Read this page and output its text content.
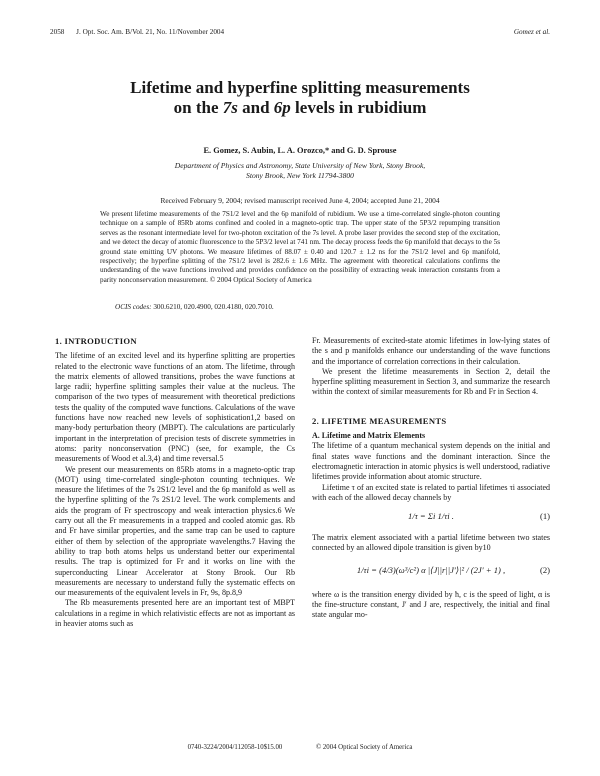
2058 J. Opt. Soc. Am. B/Vol. 21, No. 11/November 2004	Gomez et al.
Lifetime and hyperfine splitting measurements
on the 7s and 6p levels in rubidium
E. Gomez, S. Aubin, L. A. Orozco,* and G. D. Sprouse
Department of Physics and Astronomy, State University of New York, Stony Brook,
Stony Brook, New York 11794-3800
Received February 9, 2004; revised manuscript received June 4, 2004; accepted June 21, 2004
We present lifetime measurements of the 7S1/2 level and the 6p manifold of rubidium. We use a time-correlated single-photon counting technique on a sample of 85Rb atoms confined and cooled in a magneto-optic trap. The upper state of the 5P3/2 repumping transition serves as the resonant intermediate level for two-photon excitation of the 7s level. A probe laser provides the second step of the excitation, and we detect the decay of atomic fluorescence to the 5P3/2 level at 741 nm. The decay process feeds the 6p manifold that decays to the 5s ground state emitting UV photons. We measure lifetimes of 88.07 ± 0.40 and 120.7 ± 1.2 ns for the 7S1/2 level and 6p manifold, respectively; the hyperfine splitting of the 7S1/2 level is 282.6 ± 1.6 MHz. The agreement with theoretical calculations confirms the understanding of the wave functions involved and provides confidence on the possibility of extracting weak interaction constants from a parity nonconservation measurement. © 2004 Optical Society of America
OCIS codes: 300.6210, 020.4900, 020.4180, 020.7010.
1. INTRODUCTION

The lifetime of an excited level and its hyperfine splitting are properties related to the electronic wave functions of an atom. The lifetime, through the matrix elements of allowed transitions, probes the wave functions at large radii; hyperfine splitting samples their value at the nucleus. The comparison of the two types of measurement with theoretical predictions tests the quality of the computed wave functions. Calculations of the wave functions have now reached new levels of sophistication1,2 based on many-body perturbation theory (MBPT). The calculations are particularly important in the interpretation of precision tests of discrete symmetries in atoms: parity nonconservation (PNC) (see, for example, the Cs measurements of Wood et al.3,4) and time reversal.5

We present our measurements on 85Rb atoms in a magneto-optic trap (MOT) using time-correlated single-photon counting techniques. We measure the lifetimes of the 7s 2S1/2 level and the 6p manifold as well as the hyperfine splitting of the 7s 2S1/2 level. The work complements and aids the program of Fr spectroscopy and weak interaction physics.6 We carry out all the Fr measurements in a trapped and cooled atomic gas. Rb and Fr have similar properties, and the same trap can be used to capture either of them by selection of the appropriate wavelengths.7 Having the ability to trap both atoms helps us understand better our experimental results. The trap is optimized for Fr and it works on line with the superconducting Linear Accelerator at Stony Brook. Our Rb measurements are necessary to understand fully the systematic effects on our measurements of the equivalent levels in Fr, 9s, 8p.8,9

The Rb measurements presented here are an important test of MBPT calculations in a regime in which relativistic effects are not as important as in heavier atoms such as

Fr. Measurements of excited-state atomic lifetimes in low-lying states of the s and p manifolds enhance our understanding of the wave functions and the importance of correlation corrections in their calculation.

We present the lifetime measurements in Section 2, detail the hyperfine splitting measurement in Section 3, and summarize the research within the context of similar measurements for Rb and Fr in Section 4.

2. LIFETIME MEASUREMENTS
A. Lifetime and Matrix Elements

The lifetime of a quantum mechanical system depends on the initial and final states wave functions and the dominant interaction. Since the electromagnetic interaction in atomic physics is well understood, radiative lifetimes provide information about atomic structure.

Lifetime τ of an excited state is related to partial lifetimes τi associated with each of the allowed decay channels by

1/τ = Σi 1/τi .	(1)

The matrix element associated with a partial lifetime between two states connected by an allowed dipole transition is given by10

1/τi = (4/3)(ω³/c²) α |⟨J||r||J′⟩|² / (2J′ + 1) ,	(2)

where ω is the transition energy divided by ħ, c is the speed of light, α is the fine-structure constant, J′ and J are, respectively, the initial and final state angular mo-

0740-3224/2004/112058-10$15.00	© 2004 Optical Society of America
